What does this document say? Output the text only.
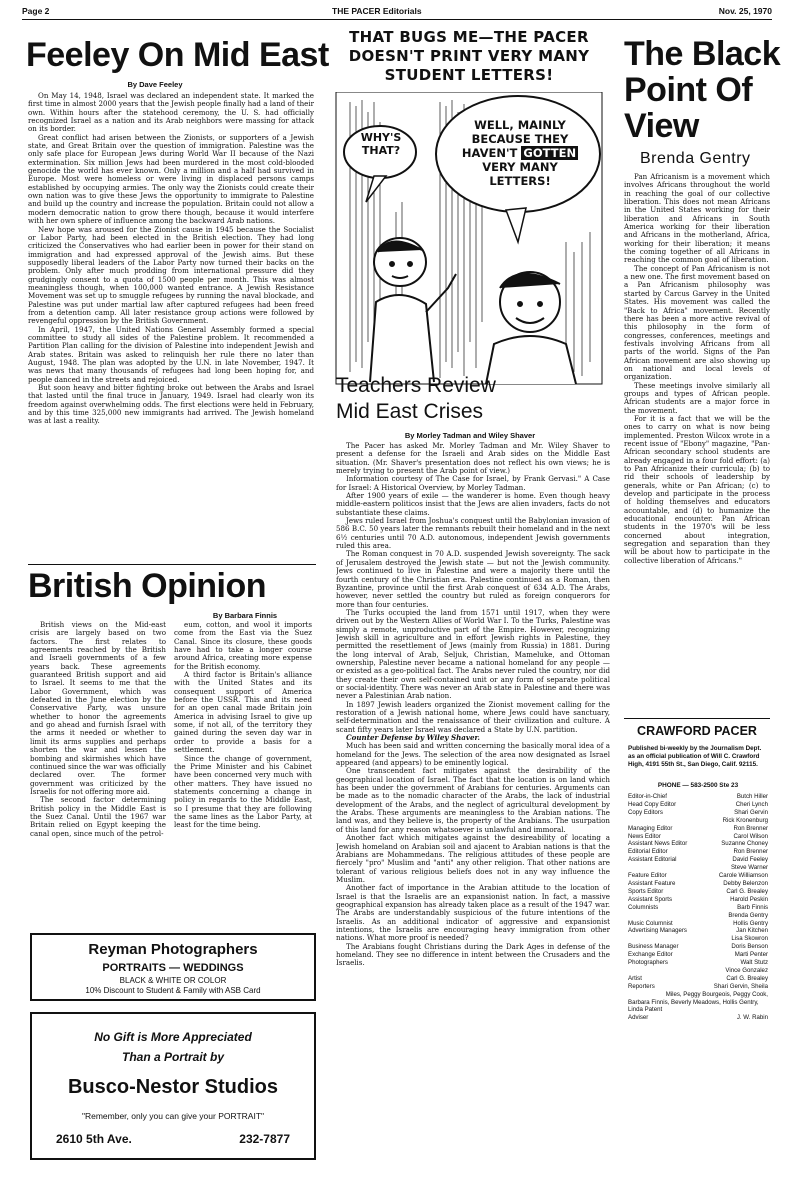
Page 2	THE PACER Editorials	Nov. 25, 1970
Feeley On Mid East
By Dave Feeley

On May 14, 1948, Israel was declared an independent state. It marked the first time in almost 2000 years that the Jewish people finally had a land of their own. Within hours after the statehood ceremony, the U. S. had officially recognized Israel as a nation and its Arab neighbors were massing for attack on its border.

Great conflict had arisen between the Zionists, or supporters of a Jewish state, and Great Britain over the question of immigration. Palestine was the only safe place for European Jews during World War II because of the Nazi extermination. Six million Jews had been murdered in the most cold-blooded genocide the world has ever known. Only a million and a half had survived in Europe. Most were homeless or were living in displaced persons camps established by occupying armies. The only way the Zionists could create their own nation was to give these Jews the opportunity to immigrate to Palestine and build up the country and increase the population. Britain could not allow a modern democratic nation to grow there though, because it would interfere with her own sphere of influence among the backward Arab nations.

New hope was aroused for the Zionist cause in 1945 because the Socialist or Labor Party, had been elected in the British election. They had long criticized the Conservatives who had earlier been in power for their stand on immigration and had expressed approval of the Jewish aims. But these supposedly liberal leaders of the Labor Party now turned their backs on the problem. Only after much prodding from international pressure did they grudgingly consent to a quota of 1500 people per month. This was almost meaningless though, when 100,000 wanted entrance. A Jewish Resistance Movement was set up to smuggle refugees by running the naval blockade, and Palestine was put under martial law after captured refugees had been freed from a detention camp. All later resistance group actions were followed by revengeful oppression by the British Government.

In April, 1947, the United Nations General Assembly formed a special committee to study all sides of the Palestine problem. It recommended a Partition Plan calling for the division of Palestine into independent Jewish and Arab states. Britain was asked to relinquish her rule there no later than August, 1948. The plan was adopted by the U.N. in late November, 1947. It was news that many thousands of refugees had long been hoping for, and people danced in the streets and rejoiced.

But soon heavy and bitter fighting broke out between the Arabs and Israel that lasted until the final truce in January, 1949. Israel had clearly won its freedom against overwhelming odds. The first elections were held in February, and by this time 325,000 new immigrants had arrived. The Jewish homeland was at last a reality.

British Opinion
By Barbara Finnis

British views on the Mid-east crisis are largely based on two factors. The first relates to agreements reached by the British and Israeli governments of a few years back. These agreements guaranteed British support and aid to Israel. It seems to me that the Labor Government, which was defeated in the June election by the Conservative Party, was unsure whether to honor the agreements and go ahead and furnish Israel with the arms it needed or whether to limit its arms supplies and perhaps shorten the war and lessen the bombing and skirmishes which have continued since the war was officially declared over. The former government was criticized by the Israelis for not offering more aid.

The second factor determining British policy in the Middle East is the Suez Canal. Until the 1967 war Britain relied on Egypt keeping the canal open, since much of the petrol-

eum, cotton, and wool it imports come from the East via the Suez Canal. Since its closure, these goods have had to take a longer course around Africa, creating more expense for the British economy.

A third factor is Britain's alliance with the United States and its consequent support of America before the USSR. This and its need for an open canal made Britain join America in advising Israel to give up some, if not all, of the territory they gained during the seven day war in order to provide a basis for a settlement.

Since the change of government, the Prime Minister and his Cabinet have been concerned very much with other matters. They have issued no statements concerning a change in policy in regards to the Middle East, so I presume that they are following the same lines as the Labor Party, at least for the time being.

Reyman Photographers
PORTRAITS — WEDDINGS
BLACK & WHITE OR COLOR
10% Discount to Student & Family with ASB Card
No Gift is More Appreciated
Than a Portrait by
Busco-Nestor Studios
"Remember, only you can give your PORTRAIT"
2610 5th Ave.	232-7877
THAT BUGS ME—THE PACER DOESN'T PRINT VERY MANY STUDENT LETTERS!
WHY'S THAT?
WELL, MAINLY BECAUSE THEY HAVEN'T GOTTEN VERY MANY LETTERS!
Teachers Review
Mid East Crises
By Morley Tadman and Wiley Shaver

The Pacer has asked Mr. Morley Tadman and Mr. Wiley Shaver to present a defense for the Israeli and Arab sides on the Middle East situation. (Mr. Shaver's presentation does not reflect his own views; he is merely trying to present the Arab point of view.)

Information courtesy of The Case for Israel, by Frank Gervasi." A Case for Israel: A Historical Overview, by Morley Tadman.

After 1900 years of exile — the wanderer is home. Even though heavy middle-eastern politicos insist that the Jews are alien invaders, facts do not substantiate these claims.

Jews ruled Israel from Joshua's conquest until the Babylonian invasion of 586 B.C. 50 years later the remnants rebuilt their homeland and in the next 6½ centuries until 70 A.D. autonomous, independent Jewish governments ruled this area.

The Roman conquest in 70 A.D. suspended Jewish sovereignty. The sack of Jerusalem destroyed the Jewish state — but not the Jewish community. Jews continued to live in Palestine and were a majority there until the fourth century of the Christian era. Palestine continued as a Roman, then Byzantine, province until the first Arab conquest of 634 A.D. The Arabs, however, never settled the country but ruled as foreign conquerors for more than four centuries.

The Turks occupied the land from 1571 until 1917, when they were driven out by the Western Allies of World War I. To the Turks, Palestine was simply a remote, unproductive part of the Empire. However, recognizing Jewish skill in agriculture and in effort Jewish rights in Palestine, they permitted the resettlement of Jews (mainly from Russia) in 1881. During the long interval of Arab, Seljuk, Christian, Mameluke, and Ottoman ownership, Palestine never became a national homeland for any people — or existed as a geo-political fact. The Arabs never ruled the country, nor did they create their own self-contained unit or any form of separate political or social-identity. There was never an Arab state in Palestine and there was never a Palestinian Arab nation.

In 1897 Jewish leaders organized the Zionist movement calling for the restoration of a Jewish national home, where Jews could have sanctuary, self-determination and the renaissance of their civilization and culture. A scant fifty years later Israel was declared a State by U.N. partition.

Counter Defense by Wiley Shaver.

Much has been said and written concerning the basically moral idea of a homeland for the Jews. The selection of the area now designated as Israel appeared (and appears) to be eminently logical.

One transcendent fact mitigates against the desirability of the geographical location of Israel. The fact that the location is on land which has been under the government of Arabians for centuries. Arguments can be made as to the nomadic character of the Arabs, the lack of industrial development of the Arabs, and the neglect of agricultural development by the Arabs. These arguments are meaningless to the Arabian nations. The land was, and they believe is, the property of the Arabians. The usurpation of this land for any reason whatsoever is unlawful and immoral.

Another fact which mitigates against the desireability of locating a Jewish homeland on Arabian soil and ajacent to Arabian nations is that the Arabians are Mohammedans. The religious attitudes of these people are fiercely "pro" Muslim and "anti" any other religion. That other nations are tolerant of various religious beliefs does not in any way influence the Muslim.

Another fact of importance in the Arabian attitude to the location of Israel is that the Israelis are an expansionist nation. In fact, a massive geographical expansion has already taken place as a result of the 1947 war. The Arabs are understandably suspicious of the future intentions of the Israelis. As an additional indicator of aggressive and expansionist intentions, the Israelis are encouraging heavy immigration from other nations. What more proof is needed?

The Arabians fought Christians during the Dark Ages in defense of the homeland. They see no difference in intent between the Crusaders and the Israelis.

The Black
Point Of
View
Brenda Gentry

Pan Africanism is a movement which involves Africans throughout the world in reaching the goal of our collective liberation. This does not mean Africans in the United States working for their liberation and Africans in South America working for their liberation and Africans in the motherland, Africa, working for their liberation; it means the coming together of all Africans in reaching the common goal of liberation.

The concept of Pan Africanism is not a new one. The first movement based on a Pan Africanism philosophy was started by Carcus Garvey in the United States. His movement was called the "Back to Africa" movement. Recently there has been a more active revival of this philosophy in the form of congresses, conferences, meetings and festivals involving Africans from all parts of the world. Signs of the Pan African movement are also showing up on national and local levels of organization.

These meetings involve similarly all groups and types of African people. African students are a major force in the movement.

For it is a fact that we will be the ones to carry on what is now being implemented. Preston Wilcox wrote in a recent issue of "Ebony" magazine, "Pan-African secondary school students are already engaged in a four fold effort: (a) to Pan Africanize their curricula; (b) to rid their schools of leadership by generals, white or Pan African; (c) to develop and participate in the process of holding themselves and educators accountable, and (d) to humanize the educational encounter. Pan African students in the 1970's will be less concerned about integration, segregation and separation than they will be about how to participate in the collective liberation of Africans."

CRAWFORD PACER
Published bi-weekly by the Journalism Dept. as an official publication of Will C. Crawford High, 4191 55th St., San Diego, Calif. 92115.
PHONE — 583-2500 Ste 23
Editor-in-Chief	Butch Hiller
Head Copy Editor	Cheri Lynch
Copy Editors	Shari Gervin
Rick Kronenburg
Managing Editor	Ron Brenner
News Editor	Carol Wilson
Assistant News Editor	Suzanne Choney
Editorial Editor	Ron Brenner
Assistant Editorial	David Feeley
Steve Warner
Feature Editor	Carole Williamson
Assistant Feature	Debby Belenzon
Sports Editor	Carl G. Brealey
Assistant Sports	Harold Peskin
Columnists	Barb Finnis
Brenda Gentry
Music Columnist	Hollis Gentry
Advertising Managers	Jan Kitchen
Lisa Skowron
Business Manager	Doris Benson
Exchange Editor	Marti Penter
Photographers	Walt Stutz
Vince Gonzalez
Artist	Carl G. Brealey
Reporters	Shari Gervin, Sheila
Miles, Peggy Bourgeois, Peggy Cook,
Barbara Finnis, Beverly Meadows, Hollis Gentry, Linda Patent
Adviser	J. W. Rabin
